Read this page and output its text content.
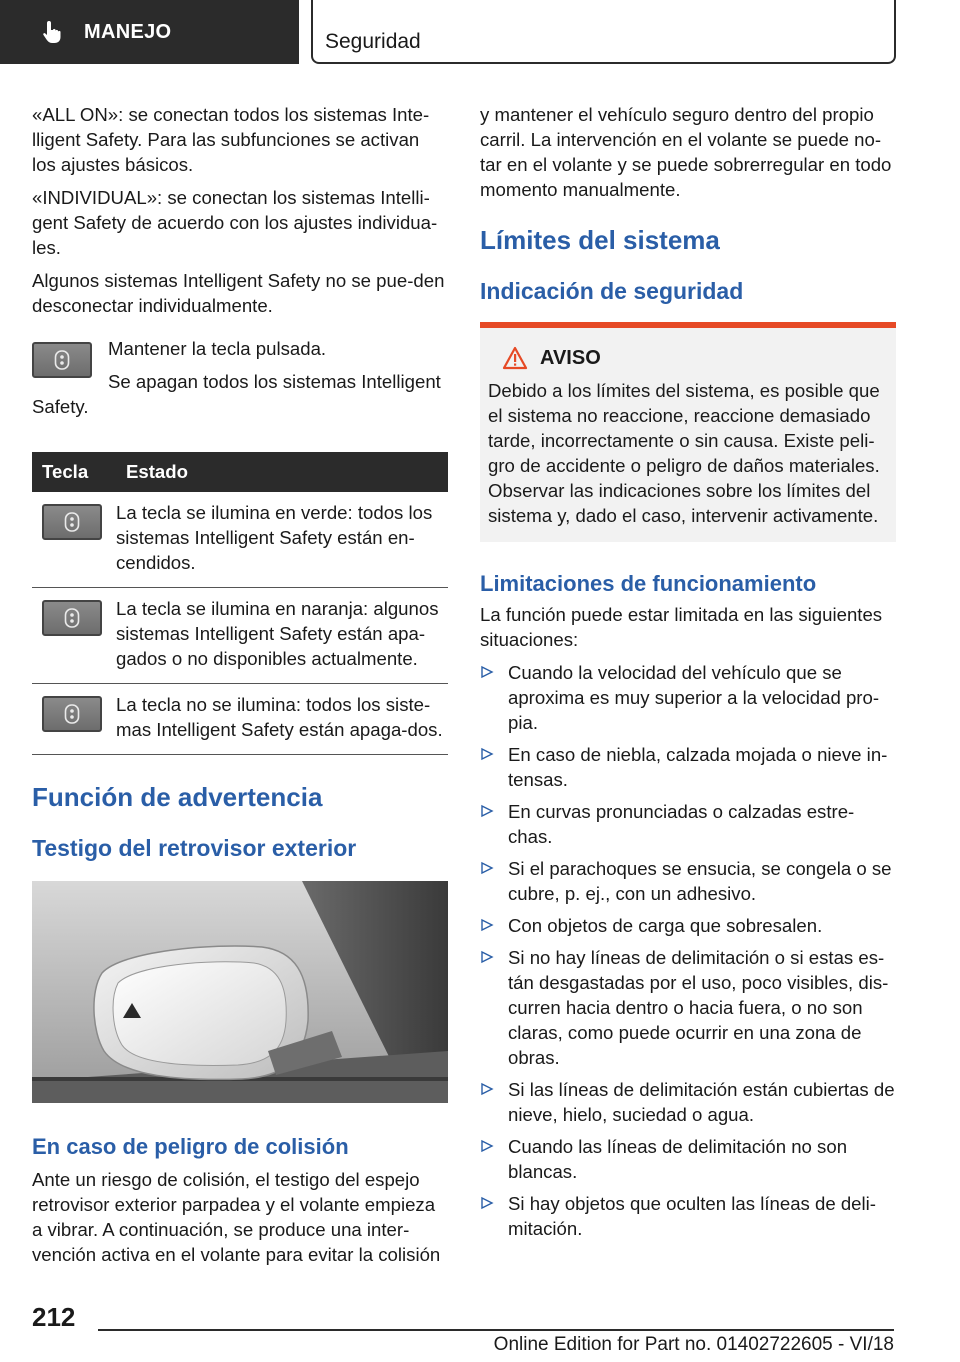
MANEJO	Seguridad

«ALL ON»: se conectan todos los sistemas Inte-lligent Safety. Para las subfunciones se activan los ajustes básicos.

«INDIVIDUAL»: se conectan los sistemas Intelli-gent Safety de acuerdo con los ajustes individua-les.

Algunos sistemas Intelligent Safety no se pue-den desconectar individualmente.

Mantener la tecla pulsada.

Se apagan todos los sistemas Intelligent Safety.

Tecla	Estado

	La tecla se ilumina en verde: todos los sistemas Intelligent Safety están en-cendidos.

	La tecla se ilumina en naranja: algunos sistemas Intelligent Safety están apa-gados o no disponibles actualmente.

	La tecla no se ilumina: todos los siste-mas Intelligent Safety están apaga-dos.
Función de advertencia
Testigo del retrovisor exterior
En caso de peligro de colisión

Ante un riesgo de colisión, el testigo del espejo retrovisor exterior parpadea y el volante empieza a vibrar. A continuación, se produce una inter-vención activa en el volante para evitar la colisión

y mantener el vehículo seguro dentro del propio carril. La intervención en el volante se puede no-tar en el volante y se puede sobrerregular en todo momento manualmente.

Límites del sistema
Indicación de seguridad
AVISO

Debido a los límites del sistema, es posible que el sistema no reaccione, reaccione demasiado tarde, incorrectamente o sin causa. Existe peli-gro de accidente o peligro de daños materiales. Observar las indicaciones sobre los límites del sistema y, dado el caso, intervenir activamente.

Limitaciones de funcionamiento

La función puede estar limitada en las siguientes situaciones:

Cuando la velocidad del vehículo que se aproxima es muy superior a la velocidad pro-pia.
En caso de niebla, calzada mojada o nieve in-tensas.
En curvas pronunciadas o calzadas estre-chas.
Si el parachoques se ensucia, se congela o se cubre, p. ej., con un adhesivo.
Con objetos de carga que sobresalen.
Si no hay líneas de delimitación o si estas es-tán desgastadas por el uso, poco visibles, dis-curren hacia dentro o hacia fuera, o no son claras, como puede ocurrir en una zona de obras.
Si las líneas de delimitación están cubiertas de nieve, hielo, suciedad o agua.
Cuando las líneas de delimitación no son blancas.
Si hay objetos que oculten las líneas de deli-mitación.
212
Online Edition for Part no. 01402722605 - VI/18
